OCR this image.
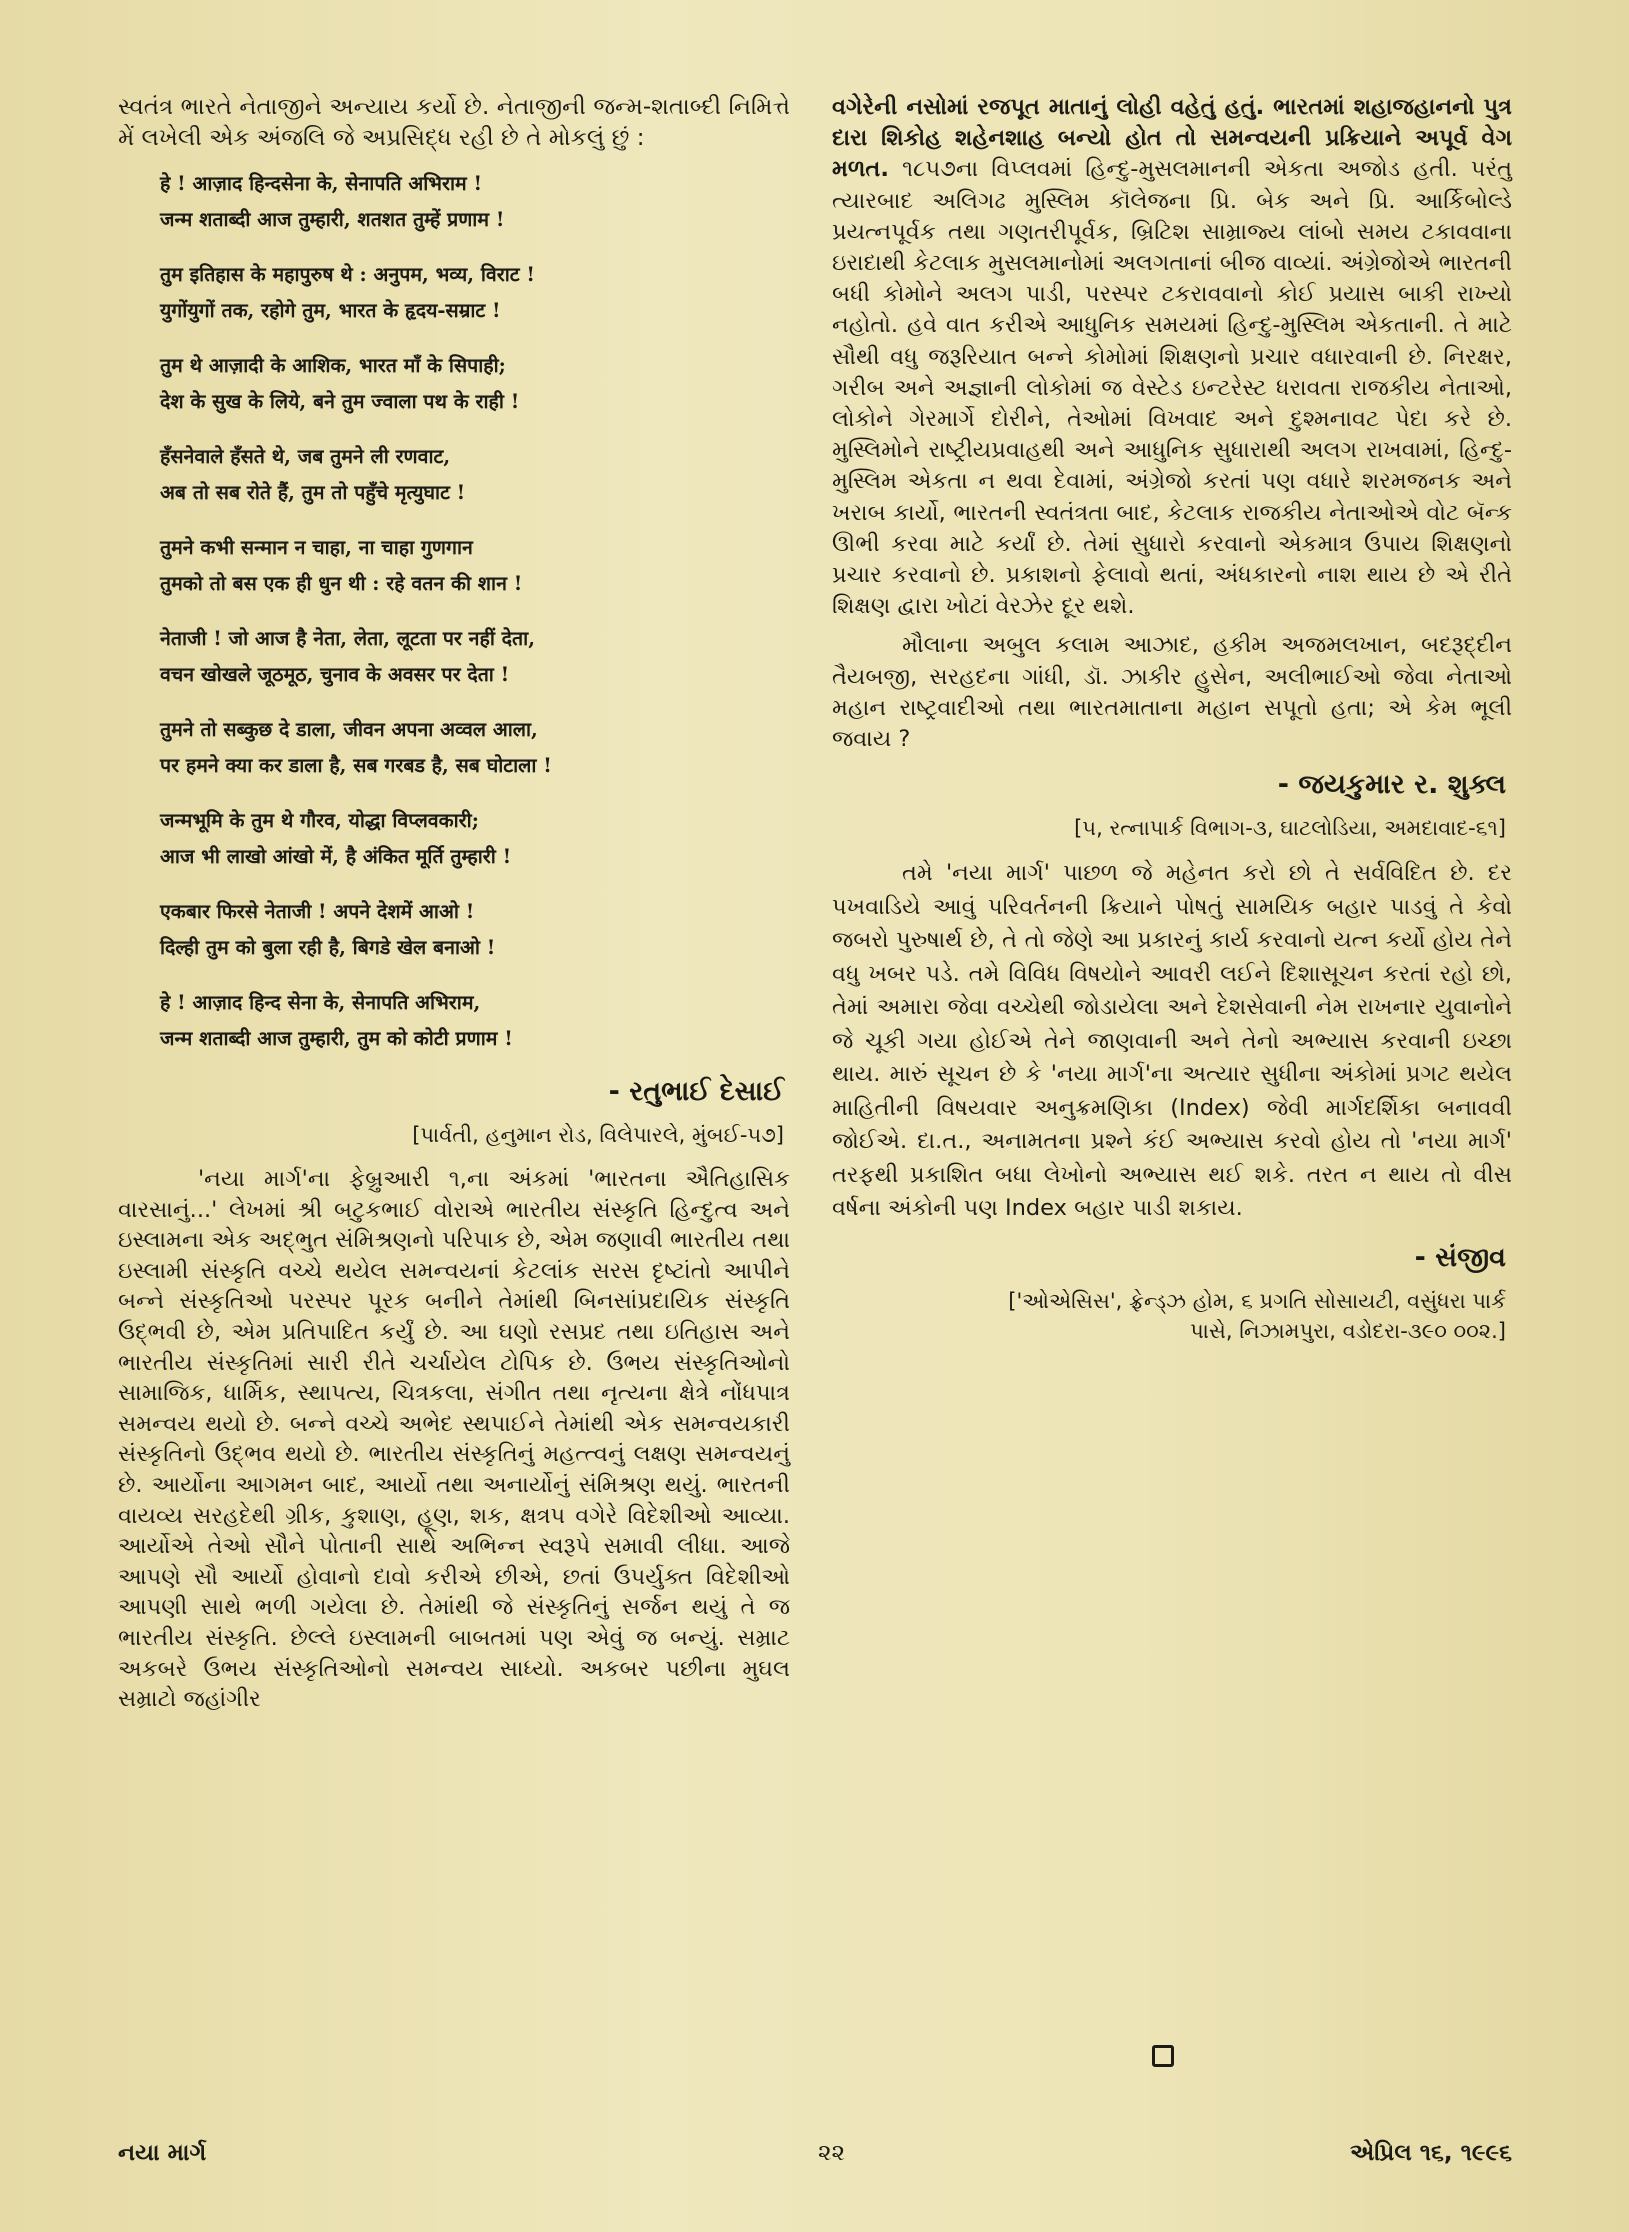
સ્વતંત્ર ભારતે નેતાજીને અન્યાય કર્યો છે. નેતાજીની જન્મ-શતાબ્દી નિમિત્તે મેં લખેલી એક અંજલિ જે અપ્રસિદ્ધ રહી છે તે મોકલું છું :

हे ! आज़ाद हिन्दसेना के, सेनापति अभिराम !
जन्म शताब्दी आज तुम्हारी, शतशत तुम्हें प्रणाम !
तुम इतिहास के महापुरुष थे : अनुपम, भव्य, विराट !
युगोंयुगों तक, रहोगे तुम, भारत के हृदय-सम्राट !
तुम थे आज़ादी के आशिक, भारत माँ के सिपाही;
देश के सुख के लिये, बने तुम ज्वाला पथ के राही !
हँसनेवाले हँसते थे, जब तुमने ली रणवाट,
अब तो सब रोते हैं, तुम तो पहुँचे मृत्युघाट !
तुमने कभी सन्मान न चाहा, ना चाहा गुणगान
तुमको तो बस एक ही धुन थी : रहे वतन की शान !
नेताजी ! जो आज है नेता, लेता, लूटता पर नहीं देता,
वचन खोखले जूठमूठ, चुनाव के अवसर पर देता !
तुमने तो सब्कुछ दे डाला, जीवन अपना अव्वल आला,
पर हमने क्या कर डाला है, सब गरबड है, सब घोटाला !
जन्मभूमि के तुम थे गौरव, योद्धा विप्लवकारी;
आज भी लाखो आंखो में, है अंकित मूर्ति तुम्हारी !
एकबार फिरसे नेताजी ! अपने देशमें आओ !
दिल्ही तुम को बुला रही है, बिगडे खेल बनाओ !
हे ! आज़ाद हिन्द सेना के, सेनापति अभिराम,
जन्म शताब्दी आज तुम्हारी, तुम को कोटी प्रणाम !
- રતુભાઈ દેસાઈ
[પાર્વતી, હનુમાન રોડ, વિલેપારલે, મુંબઈ-૫૭]

'નયા માર્ગ'ના ફેબ્રુઆરી ૧,ના અંકમાં 'ભારતના ઐતિહાસિક વારસાનું...' લેખમાં શ્રી બટુકભાઈ વોરાએ ભારતીય સંસ્કૃતિ હિન્દુત્વ અને ઇસ્લામના એક અદ્ભુત સંમિશ્રણનો પરિપાક છે, એમ જણાવી ભારતીય તથા ઇસ્લામી સંસ્કૃતિ વચ્ચે થયેલ સમન્વયનાં કેટલાંક સરસ દૃષ્ટાંતો આપીને બન્ને સંસ્કૃતિઓ પરસ્પર પૂરક બનીને તેમાંથી બિનસાંપ્રદાયિક સંસ્કૃતિ ઉદ્ભવી છે, એમ પ્રતિપાદિત કર્યું છે. આ ઘણો રસપ્રદ તથા ઇતિહાસ અને ભારતીય સંસ્કૃતિમાં સારી રીતે ચર્ચાયેલ ટોપિક છે. ઉભય સંસ્કૃતિઓનો સામાજિક, ધાર્મિક, સ્થાપત્ય, ચિત્રકલા, સંગીત તથા નૃત્યના ક્ષેત્રે નોંધપાત્ર સમન્વય થયો છે. બન્ને વચ્ચે અભેદ સ્થપાઈને તેમાંથી એક સમન્વયકારી સંસ્કૃતિનો ઉદ્ભવ થયો છે. ભારતીય સંસ્કૃતિનું મહત્ત્વનું લક્ષણ સમન્વયનું છે. આર્યોના આગમન બાદ, આર્યો તથા અનાર્યોનું સંમિશ્રણ થયું. ભારતની વાયવ્ય સરહદેથી ગ્રીક, કુશાણ, હૂણ, શક, ક્ષત્રપ વગેરે વિદેશીઓ આવ્યા. આર્યોએ તેઓ સૌને પોતાની સાથે અભિન્ન સ્વરૂપે સમાવી લીધા. આજે આપણે સૌ આર્યો હોવાનો દાવો કરીએ છીએ, છતાં ઉપર્યુક્ત વિદેશીઓ આપણી સાથે ભળી ગયેલા છે. તેમાંથી જે સંસ્કૃતિનું સર્જન થયું તે જ ભારતીય સંસ્કૃતિ. છેલ્લે ઇસ્લામની બાબતમાં પણ એવું જ બન્યું. સમ્રાટ અકબરે ઉભય સંસ્કૃતિઓનો સમન્વય સાધ્યો. અકબર પછીના મુઘલ સમ્રાટો જહાંગીર

વગેરેની નસોમાં રજપૂત માતાનું લોહી વહેતું હતું. ભારતમાં શહાજહાનનો પુત્ર દારા શિકોહ શહેનશાહ બન્યો હોત તો સમન્વયની પ્રક્રિયાને અપૂર્વ વેગ મળત. ૧૮૫૭ના વિપ્લવમાં હિન્દુ-મુસલમાનની એકતા અજોડ હતી. પરંતુ ત્યારબાદ અલિગઢ મુસ્લિમ કૉલેજના પ્રિ. બેક અને પ્રિ. આર્કિબોલ્ડે પ્રયત્નપૂર્વક તથા ગણતરીપૂર્વક, બ્રિટિશ સામ્રાજ્ય લાંબો સમય ટકાવવાના ઇરાદાથી કેટલાક મુસલમાનોમાં અલગતાનાં બીજ વાવ્યાં. અંગ્રેજોએ ભારતની બધી કોમોને અલગ પાડી, પરસ્પર ટકરાવવાનો કોઈ પ્રયાસ બાકી રાખ્યો નહોતો. હવે વાત કરીએ આધુનિક સમયમાં હિન્દુ-મુસ્લિમ એકતાની. તે માટે સૌથી વધુ જરૂરિયાત બન્ને કોમોમાં શિક્ષણનો પ્રચાર વધારવાની છે. નિરક્ષર, ગરીબ અને અજ્ઞાની લોકોમાં જ વેસ્ટેડ ઇન્ટરેસ્ટ ધરાવતા રાજકીય નેતાઓ, લોકોને ગેરમાર્ગે દોરીને, તેઓમાં વિખવાદ અને દુશ્મનાવટ પેદા કરે છે. મુસ્લિમોને રાષ્ટ્રીયપ્રવાહથી અને આધુનિક સુધારાથી અલગ રાખવામાં, હિન્દુ-મુસ્લિમ એકતા ન થવા દેવામાં, અંગ્રેજો કરતાં પણ વધારે શરમજનક અને ખરાબ કાર્યો, ભારતની સ્વતંત્રતા બાદ, કેટલાક રાજકીય નેતાઓએ વોટ બૅન્ક ઊભી કરવા માટે કર્યાં છે. તેમાં સુધારો કરવાનો એકમાત્ર ઉપાય શિક્ષણનો પ્રચાર કરવાનો છે. પ્રકાશનો ફેલાવો થતાં, અંધકારનો નાશ થાય છે એ રીતે શિક્ષણ દ્વારા ખોટાં વેરઝેર દૂર થશે.

મૌલાના અબુલ કલામ આઝાદ, હકીમ અજમલખાન, બદરૂદ્દીન તૈયબજી, સરહદના ગાંધી, ડૉ. ઝાકીર હુસેન, અલીભાઈઓ જેવા નેતાઓ મહાન રાષ્ટ્રવાદીઓ તથા ભારતમાતાના મહાન સપૂતો હતા; એ કેમ ભૂલી જવાય ?

- જયકુમાર ર. શુક્લ
[૫, રત્નાપાર્ક વિભાગ-૩, ઘાટલોડિયા, અમદાવાદ-૬૧]

તમે 'નયા માર્ગ' પાછળ જે મહેનત કરો છો તે સર્વવિદિત છે. દર પખવાડિયે આવું પરિવર્તનની ક્રિયાને પોષતું સામયિક બહાર પાડવું તે કેવો જબરો પુરુષાર્થ છે, તે તો જેણે આ પ્રકારનું કાર્ય કરવાનો યત્ન કર્યો હોય તેને વધુ ખબર પડે. તમે વિવિધ વિષયોને આવરી લઈને દિશાસૂચન કરતાં રહો છો, તેમાં અમારા જેવા વચ્ચેથી જોડાયેલા અને દેશસેવાની નેમ રાખનાર યુવાનોને જે ચૂકી ગયા હોઈએ તેને જાણવાની અને તેનો અભ્યાસ કરવાની ઇચ્છા થાય. મારું સૂચન છે કે 'નયા માર્ગ'ના અત્યાર સુધીના અંકોમાં પ્રગટ થયેલ માહિતીની વિષયવાર અનુક્રમણિકા (Index) જેવી માર્ગદર્શિકા બનાવવી જોઈએ. દા.ત., અનામતના પ્રશ્ને કંઈ અભ્યાસ કરવો હોય તો 'નયા માર્ગ' તરફથી પ્રકાશિત બધા લેખોનો અભ્યાસ થઈ શકે. તરત ન થાય તો વીસ વર્ષના અંકોની પણ Index બહાર પાડી શકાય.

- સંજીવ
['ઓએસિસ', ફ્રેન્ડ્ઝ હોમ, ૬ પ્રગતિ સોસાયટી, વસુંધરા પાર્ક
પાસે, નિઝામપુરા, વડોદરા-૩૯૦ ૦૦૨.]
નયા માર્ગ	૨૨	એપ્રિલ ૧૬, ૧૯૯૬
